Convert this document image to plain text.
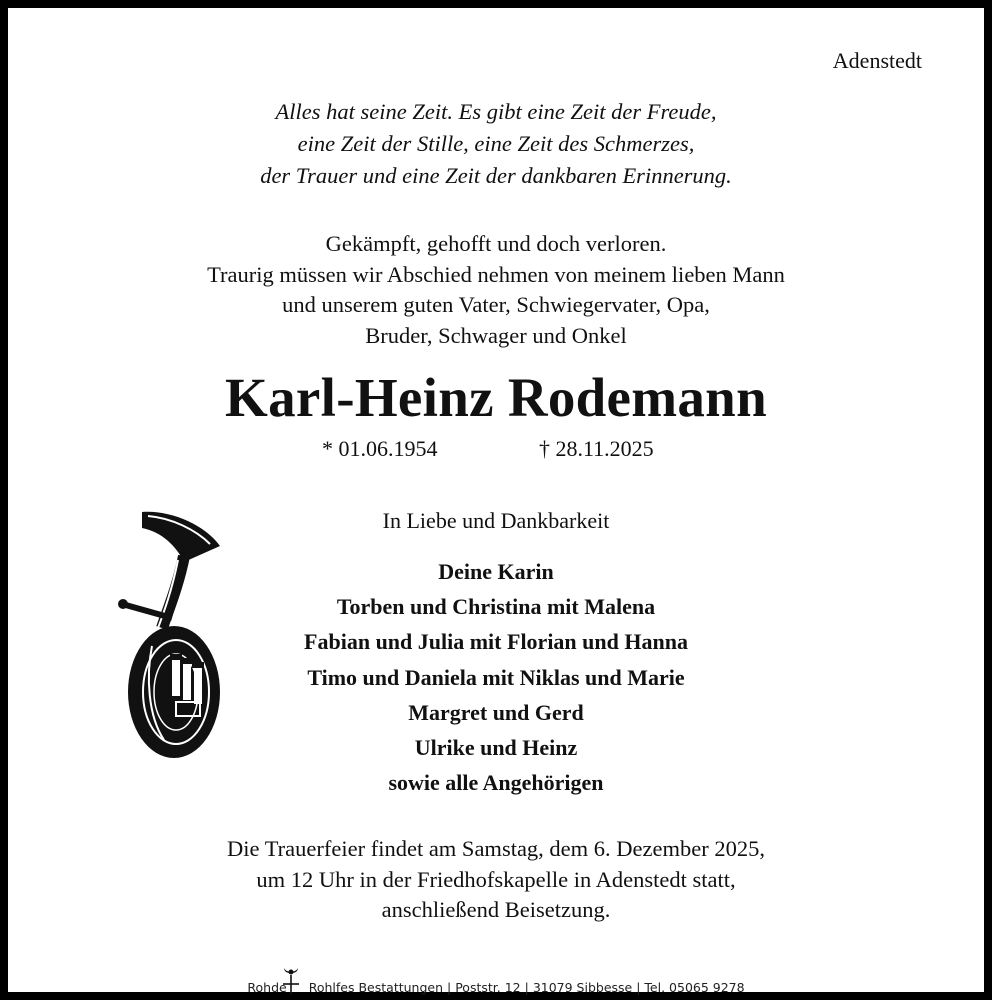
Adenstedt
Alles hat seine Zeit. Es gibt eine Zeit der Freude,
eine Zeit der Stille, eine Zeit des Schmerzes,
der Trauer und eine Zeit der dankbaren Erinnerung.
Gekämpft, gehofft und doch verloren.
Traurig müssen wir Abschied nehmen von meinem lieben Mann
und unserem guten Vater, Schwiegervater, Opa,
Bruder, Schwager und Onkel
Karl-Heinz Rodemann
* 01.06.1954	† 28.11.2025
In Liebe und Dankbarkeit
Deine Karin
Torben und Christina mit Malena
Fabian und Julia mit Florian und Hanna
Timo und Daniela mit Niklas und Marie
Margret und Gerd
Ulrike und Heinz
sowie alle Angehörigen
Die Trauerfeier findet am Samstag, dem 6. Dezember 2025,
um 12 Uhr in der Friedhofskapelle in Adenstedt statt,
anschließend Beisetzung.
Rohde Rohlfes Bestattungen | Poststr. 12 | 31079 Sibbesse | Tel. 05065 9278
